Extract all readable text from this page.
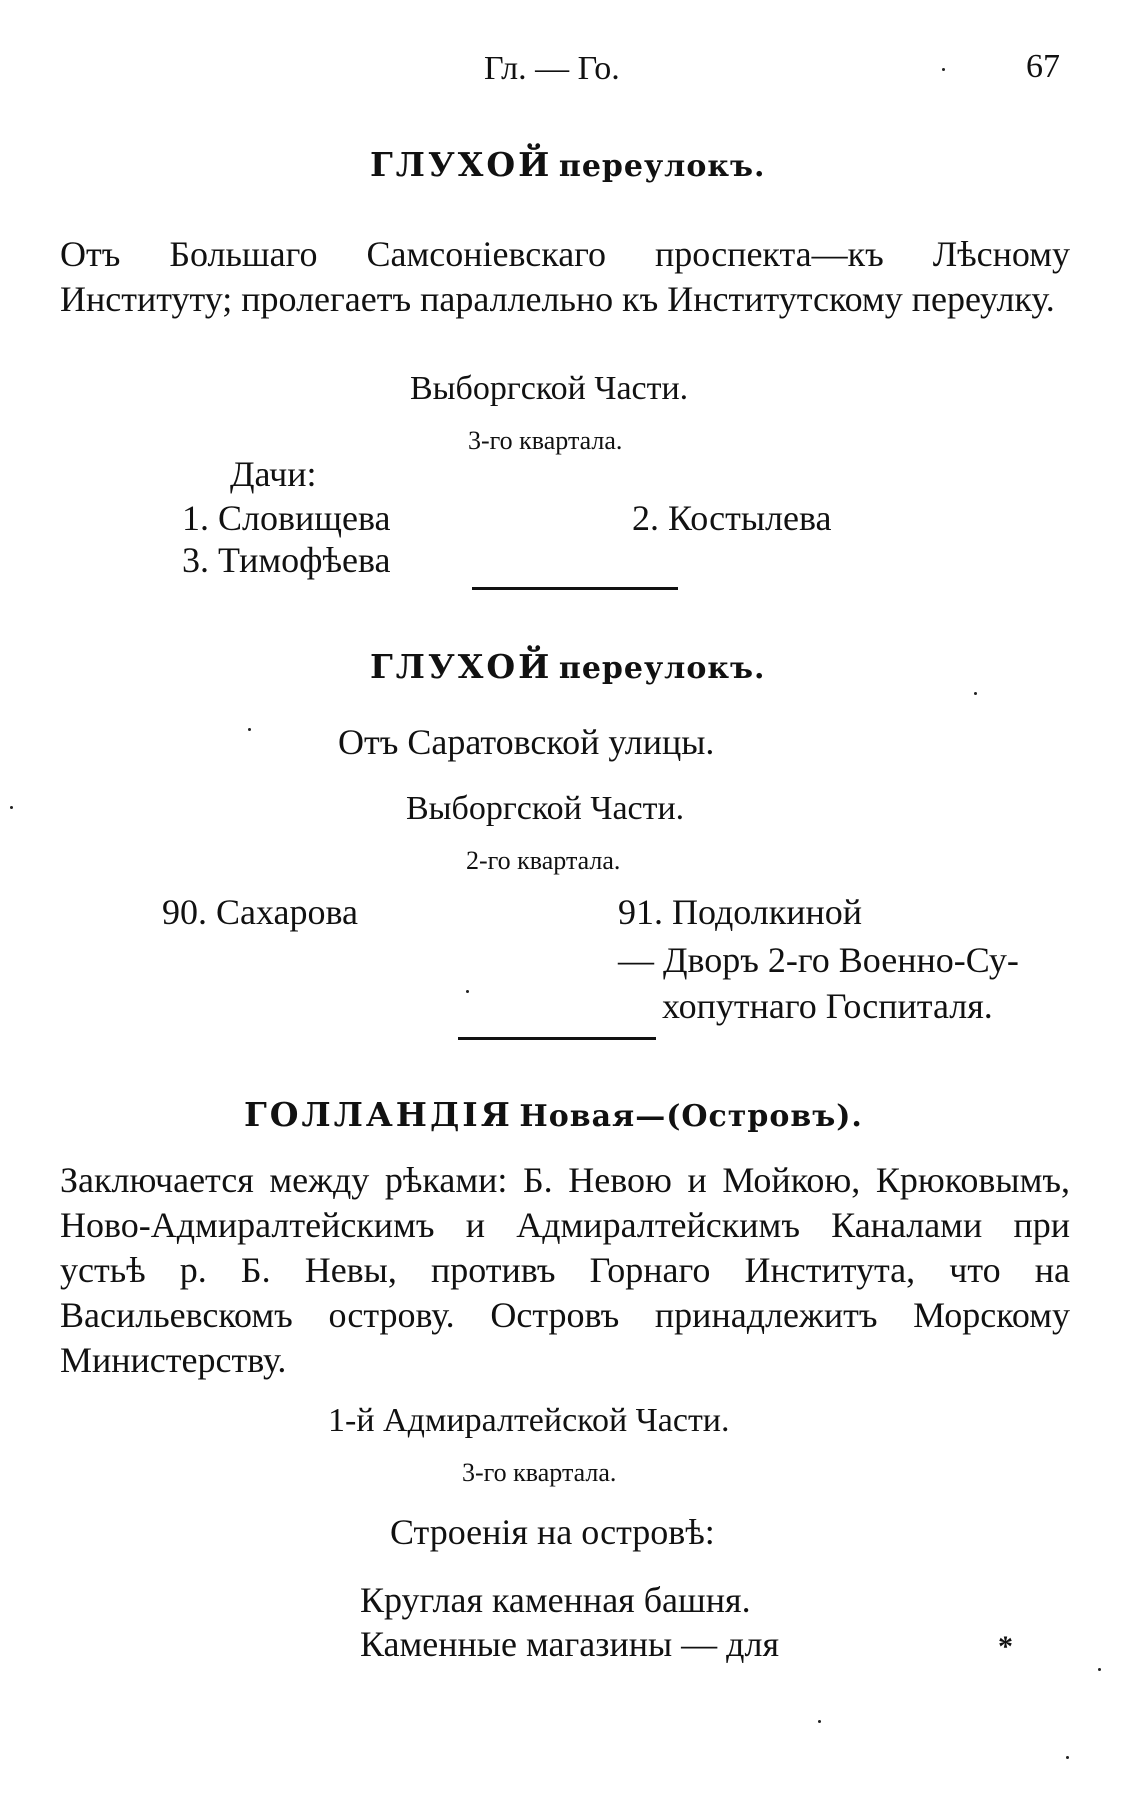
Гл. — Го.	67
ГЛУХОЙ переулокъ.

Отъ Большаго Самсоніевскаго проспекта—къ Лѣсному Институту; пролегаетъ параллельно къ Институтскому переулку.

Выборгской Части.
3-го квартала.
Дачи:
1. Словищева	2. Костылева
3. Тимофѣева
ГЛУХОЙ переулокъ.
Отъ Саратовской улицы.
Выборгской Части.
2-го квартала.
90. Сахарова	91. Подолкиной
— Дворъ 2-го Военно-Су-
хопутнаго Госпиталя.
ГОЛЛАНДІЯ Новая—(Островъ).

Заключается между рѣками: Б. Невою и Мойкою, Крюковымъ, Ново-Адмиралтейскимъ и Адмиралтейскимъ Каналами при устьѣ р. Б. Невы, противъ Горнаго Института, что на Васильевскомъ острову. Островъ принадлежитъ Морскому Министерству.

1-й Адмиралтейской Части.
3-го квартала.
Строенія на островѣ:
Круглая каменная башня.
Каменные магазины — для	*
